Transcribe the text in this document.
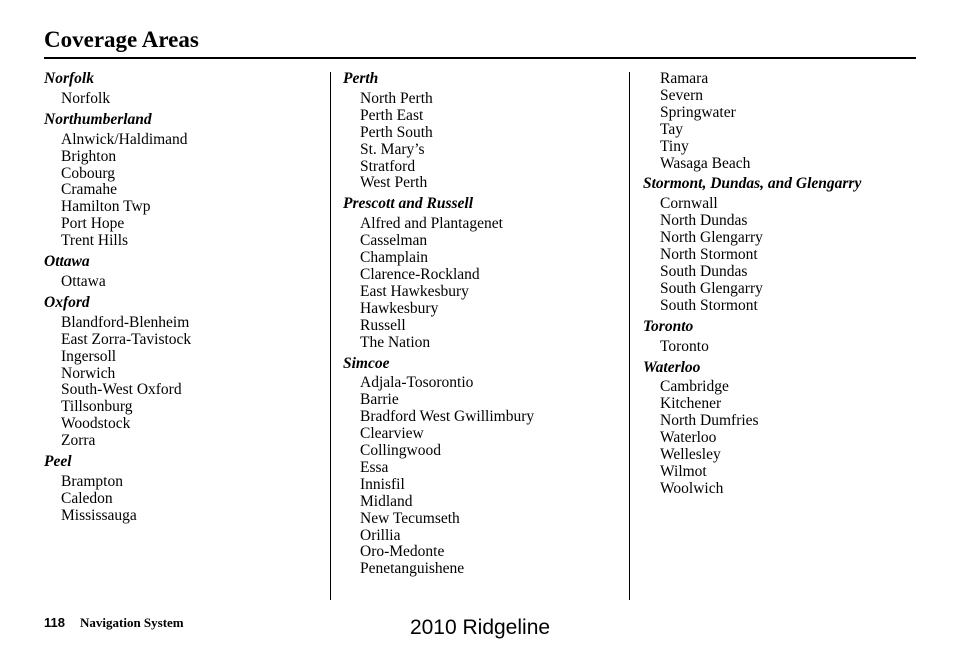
Coverage Areas
Norfolk
Norfolk
Northumberland
Alnwick/Haldimand
Brighton
Cobourg
Cramahe
Hamilton Twp
Port Hope
Trent Hills
Ottawa
Ottawa
Oxford
Blandford-Blenheim
East Zorra-Tavistock
Ingersoll
Norwich
South-West Oxford
Tillsonburg
Woodstock
Zorra
Peel
Brampton
Caledon
Mississauga
Perth
North Perth
Perth East
Perth South
St. Mary’s
Stratford
West Perth
Prescott and Russell
Alfred and Plantagenet
Casselman
Champlain
Clarence-Rockland
East Hawkesbury
Hawkesbury
Russell
The Nation
Simcoe
Adjala-Tosorontio
Barrie
Bradford West Gwillimbury
Clearview
Collingwood
Essa
Innisfil
Midland
New Tecumseth
Orillia
Oro-Medonte
Penetanguishene
Ramara
Severn
Springwater
Tay
Tiny
Wasaga Beach
Stormont, Dundas, and Glengarry
Cornwall
North Dundas
North Glengarry
North Stormont
South Dundas
South Glengarry
South Stormont
Toronto
Toronto
Waterloo
Cambridge
Kitchener
North Dumfries
Waterloo
Wellesley
Wilmot
Woolwich
118 Navigation System	2010 Ridgeline
